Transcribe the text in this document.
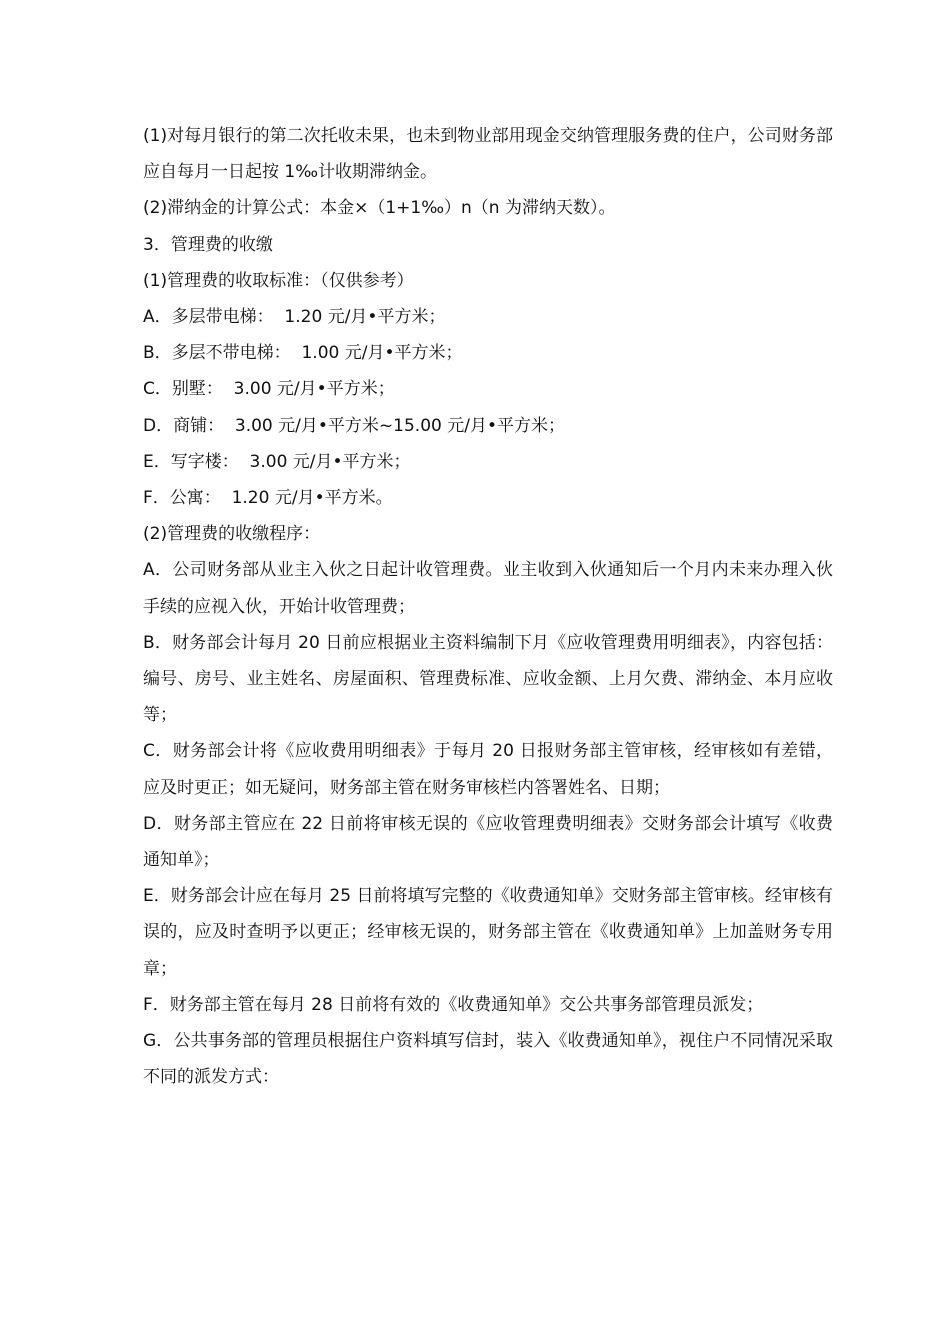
(1)对每月银行的第二次托收未果，也未到物业部用现金交纳管理服务费的住户，公司财务部应自每月一日起按 1‰计收期滞纳金。

(2)滞纳金的计算公式：本金×（1+1‰）n（n 为滞纳天数）。

3．管理费的收缴

(1)管理费的收取标准：（仅供参考）

A．多层带电梯：  1.20 元/月•平方米；

B．多层不带电梯：  1.00 元/月•平方米；

C．别墅：  3.00 元/月•平方米；

D．商铺：  3.00 元/月•平方米~15.00 元/月•平方米；

E．写字楼：  3.00 元/月•平方米；

F．公寓：  1.20 元/月•平方米。

(2)管理费的收缴程序：

A．公司财务部从业主入伙之日起计收管理费。业主收到入伙通知后一个月内未来办理入伙手续的应视入伙，开始计收管理费；

B．财务部会计每月 20 日前应根据业主资料编制下月《应收管理费用明细表》，内容包括：编号、房号、业主姓名、房屋面积、管理费标准、应收金额、上月欠费、滞纳金、本月应收等；

C．财务部会计将《应收费用明细表》于每月 20 日报财务部主管审核，经审核如有差错，应及时更正；如无疑问，财务部主管在财务审核栏内答署姓名、日期；

D．财务部主管应在 22 日前将审核无误的《应收管理费明细表》交财务部会计填写《收费通知单》；

E．财务部会计应在每月 25 日前将填写完整的《收费通知单》交财务部主管审核。经审核有误的，应及时查明予以更正；经审核无误的，财务部主管在《收费通知单》上加盖财务专用章；

F．财务部主管在每月 28 日前将有效的《收费通知单》交公共事务部管理员派发；

G．公共事务部的管理员根据住户资料填写信封，装入《收费通知单》，视住户不同情况采取不同的派发方式：
